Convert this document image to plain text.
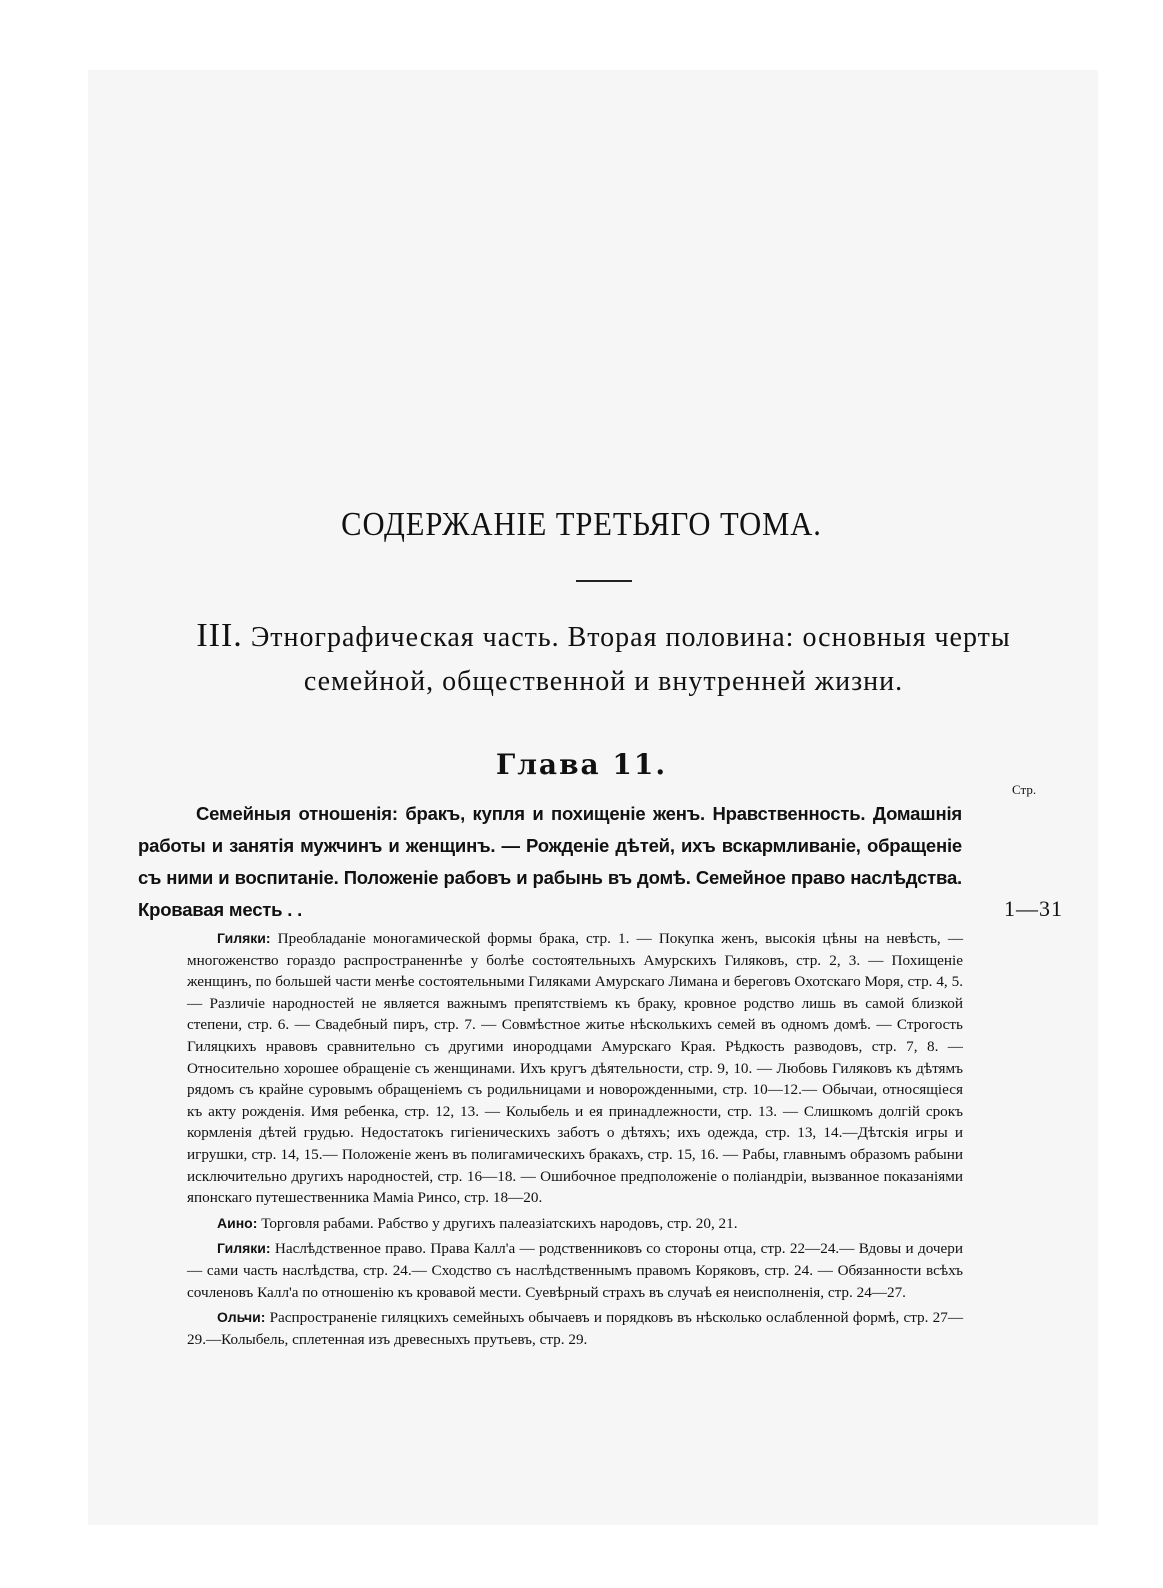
СОДЕРЖАНІЕ ТРЕТЬЯГО ТОМА.
III. Этнографическая часть. Вторая половина: основныя черты семейной, общественной и внутренней жизни.
Глава 11.
Стр.
Семейныя отношенія: бракъ, купля и похищеніе женъ. Нравственность. Домашнія работы и занятія мужчинъ и женщинъ. — Рожденіе дѣтей, ихъ вскармливаніе, обращеніе съ ними и воспитаніе. Положеніе рабовъ и рабынь въ домѣ. Семейное право наслѣдства. Кровавая месть . .	1—31

Гиляки: Преобладаніе моногамической формы брака, стр. 1. — Покупка женъ, высокія цѣны на невѣсть, — многоженство гораздо распространеннѣе у болѣе состоятельныхъ Амурскихъ Гиляковъ, стр. 2, 3. — Похищеніе женщинъ, по большей части менѣе состоятельными Гиляками Амурскаго Лимана и береговъ Охотскаго Моря, стр. 4, 5. — Различіе народностей не является важнымъ препятствіемъ къ браку, кровное родство лишь въ самой близкой степени, стр. 6. — Свадебный пиръ, стр. 7. — Совмѣстное житье нѣсколькихъ семей въ одномъ домѣ. — Строгость Гиляцкихъ нравовъ сравнительно съ другими инородцами Амурскаго Края. Рѣдкость разводовъ, стр. 7, 8. — Относительно хорошее обращеніе съ женщинами. Ихъ кругъ дѣятельности, стр. 9, 10. — Любовь Гиляковъ къ дѣтямъ рядомъ съ крайне суровымъ обращеніемъ съ родильницами и новорожденными, стр. 10—12.— Обычаи, относящіеся къ акту рожденія. Имя ребенка, стр. 12, 13. — Колыбель и ея принадлежности, стр. 13. — Слишкомъ долгій срокъ кормленія дѣтей грудью. Недостатокъ гигіеническихъ заботъ о дѣтяхъ; ихъ одежда, стр. 13, 14.—Дѣтскія игры и игрушки, стр. 14, 15.— Положеніе женъ въ полигамическихъ бракахъ, стр. 15, 16. — Рабы, главнымъ образомъ рабыни исключительно другихъ народностей, стр. 16—18. — Ошибочное предположеніе о поліандріи, вызванное показаніями японскаго путешественника Маміа Ринсо, стр. 18—20.

Аино: Торговля рабами. Рабство у другихъ палеазіатскихъ народовъ, стр. 20, 21.

Гиляки: Наслѣдственное право. Права Калл'а — родственниковъ со стороны отца, стр. 22—24.— Вдовы и дочери — сами часть наслѣдства, стр. 24.— Сходство съ наслѣдственнымъ правомъ Коряковъ, стр. 24. — Обязанности всѣхъ сочленовъ Калл'а по отношенію къ кровавой мести. Суевѣрный страхъ въ случаѣ ея неисполненія, стр. 24—27.

Ольчи: Распространеніе гиляцкихъ семейныхъ обычаевъ и порядковъ въ нѣсколько ослабленной формѣ, стр. 27—29.—Колыбель, сплетенная изъ древесныхъ прутьевъ, стр. 29.
